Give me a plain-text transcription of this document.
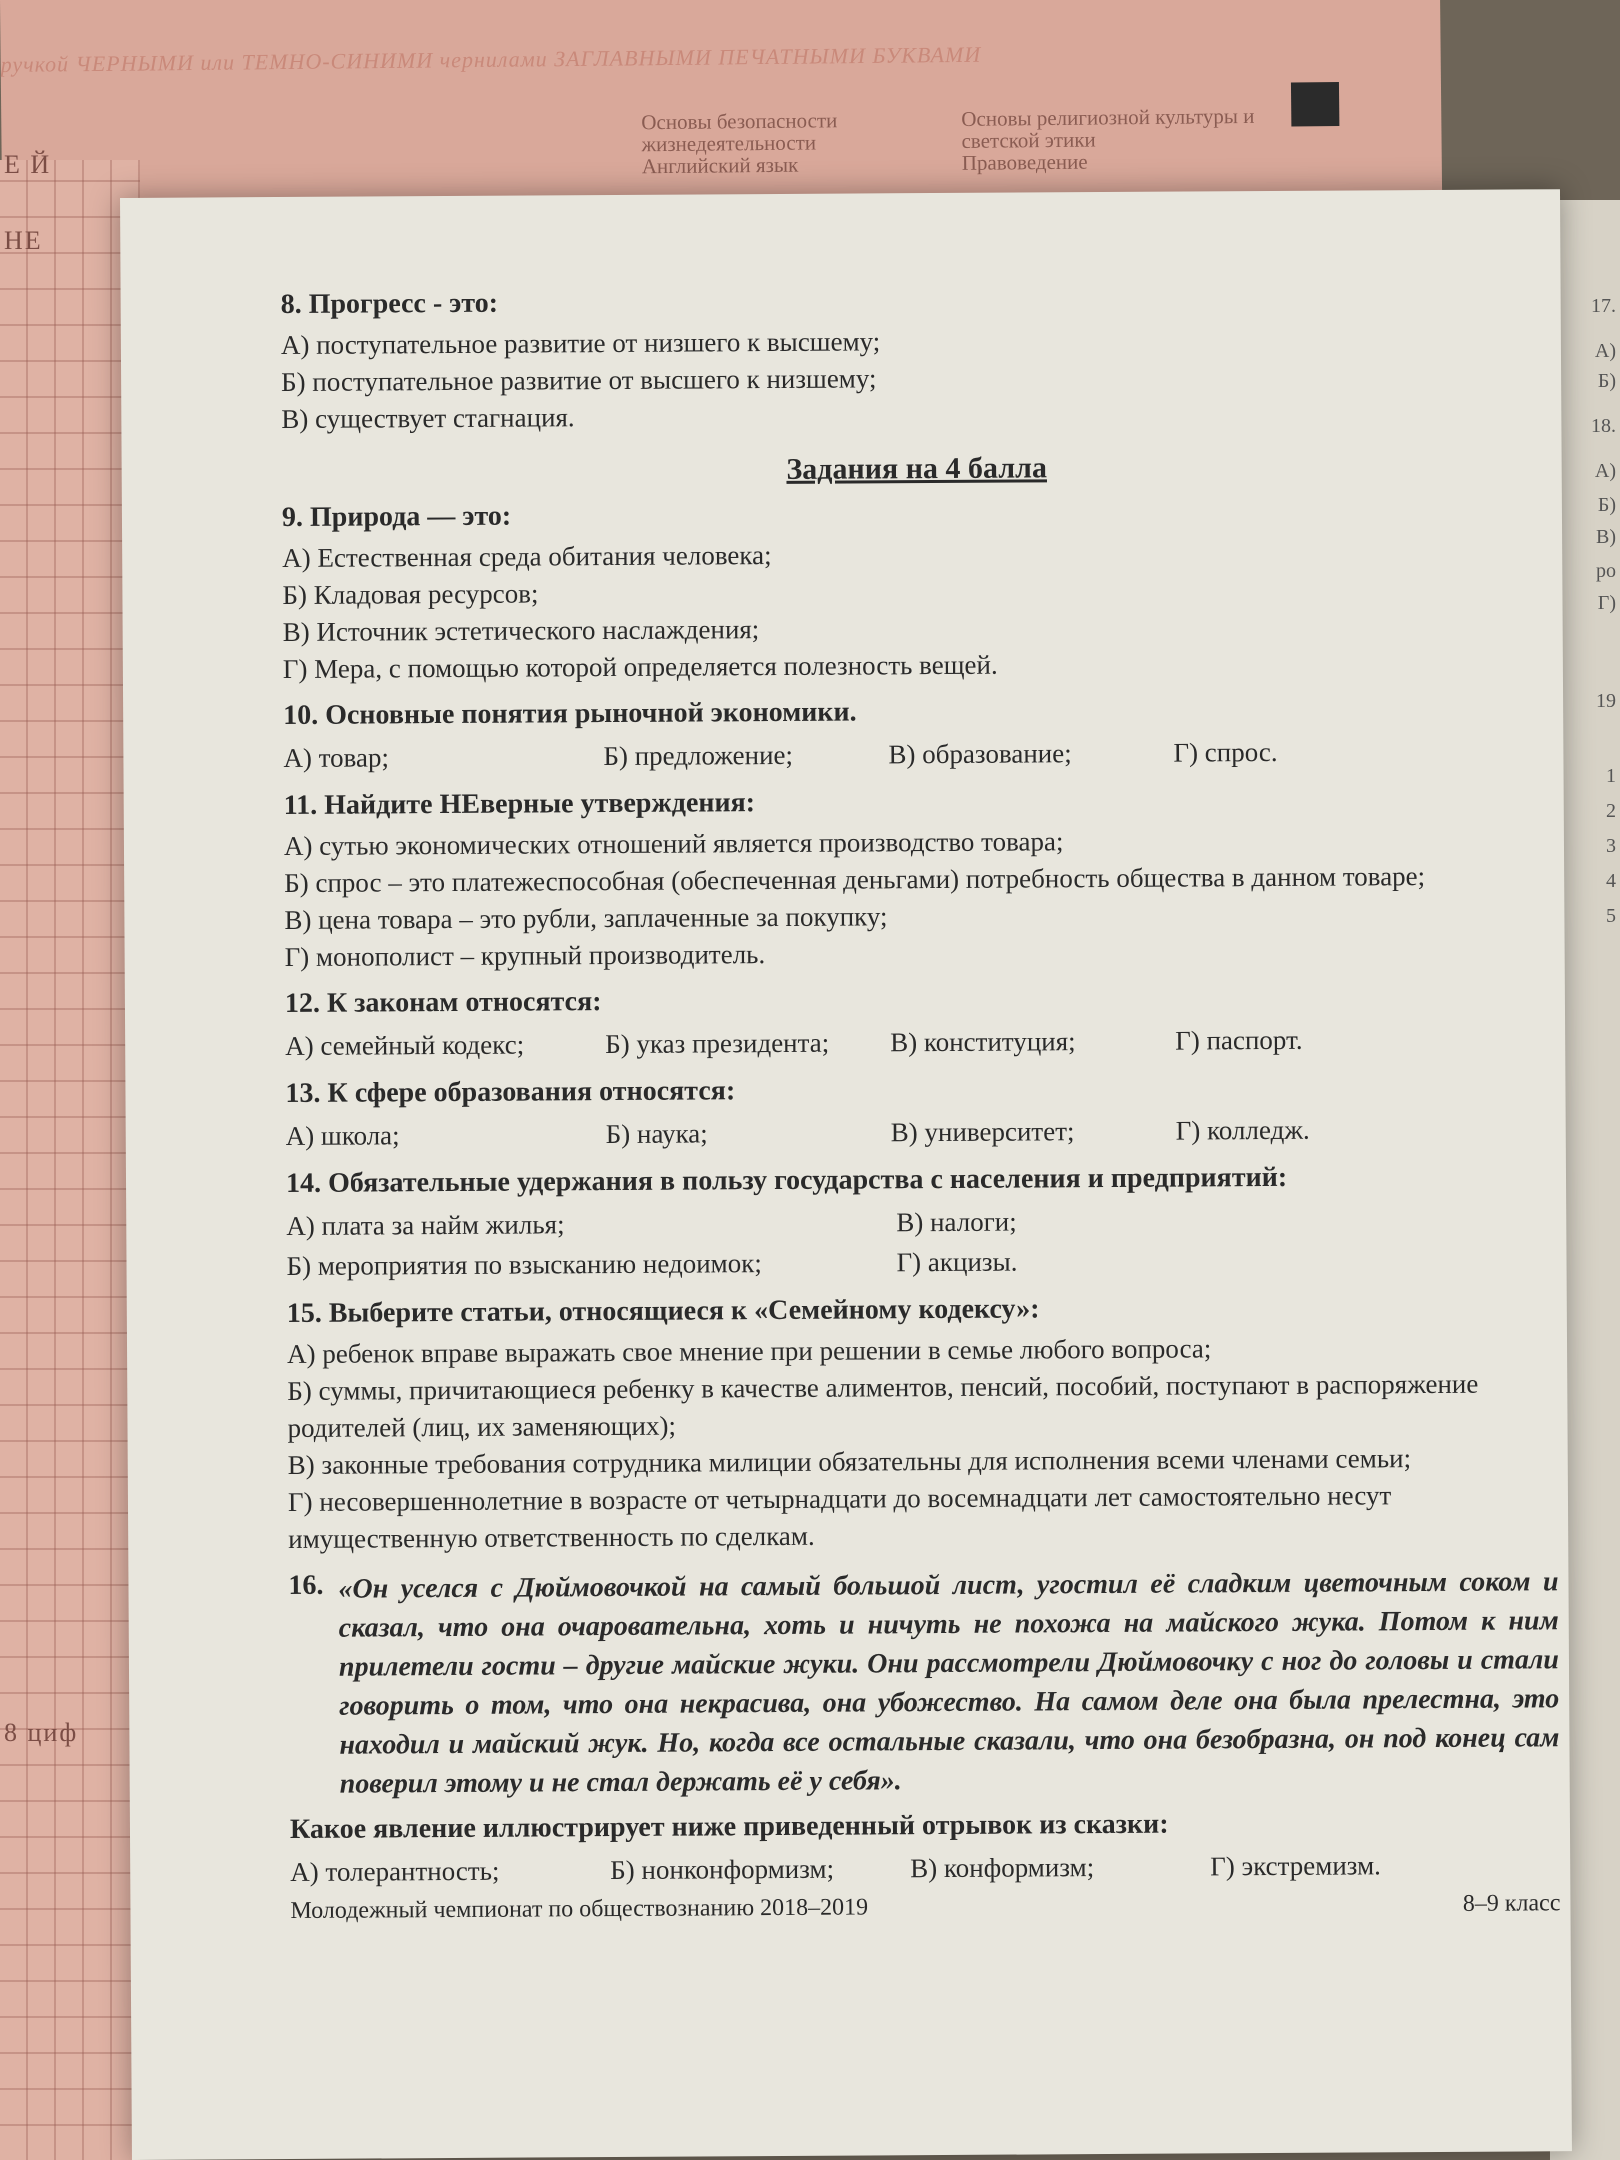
ручкой ЧЕРНЫМИ или ТЕМНО-СИНИМИ чернилами ЗАГЛАВНЫМИ ПЕЧАТНЫМИ БУКВАМИ
Основы безопасности жизнедеятельности
Английский язык
Основы религиозной культуры и светской этики
Правоведение
Е Й
НЕ
8 циф
17.
А)
Б)
18.
А)
Б)
В)
ро
Г)
19
1
2
3
4
5
8. Прогресс - это:
А) поступательное развитие от низшего к высшему;
Б) поступательное развитие от высшего к низшему;
В) существует стагнация.
Задания на 4 балла
9. Природа — это:
А) Естественная среда обитания человека;
Б) Кладовая ресурсов;
В) Источник эстетического наслаждения;
Г) Мера, с помощью которой определяется полезность вещей.
10. Основные понятия рыночной экономики.
А) товар;	Б) предложение;	В) образование;	Г) спрос.
11. Найдите НЕверные утверждения:
А) сутью экономических отношений является производство товара;
Б) спрос – это платежеспособная (обеспеченная деньгами) потребность общества в данном товаре;
В) цена товара – это рубли, заплаченные за покупку;
Г) монополист – крупный производитель.
12. К законам относятся:
А) семейный кодекс;	Б) указ президента;	В) конституция;	Г) паспорт.
13. К сфере образования относятся:
А) школа;	Б) наука;	В) университет;	Г) колледж.
14. Обязательные удержания в пользу государства с населения и предприятий:
А) плата за найм жилья;	В) налоги;
Б) мероприятия по взысканию недоимок;	Г) акцизы.
15. Выберите статьи, относящиеся к «Семейному кодексу»:
А) ребенок вправе выражать свое мнение при решении в семье любого вопроса;
Б) суммы, причитающиеся ребенку в качестве алиментов, пенсий, пособий, поступают в распоряжение родителей (лиц, их заменяющих);
В) законные требования сотрудника милиции обязательны для исполнения всеми членами семьи;
Г) несовершеннолетние в возрасте от четырнадцати до восемнадцати лет самостоятельно несут имущественную ответственность по сделкам.
16. «Он уселся с Дюймовочкой на самый большой лист, угостил её сладким цветочным соком и сказал, что она очаровательна, хоть и ничуть не похожа на майского жука. Потом к ним прилетели гости – другие майские жуки. Они рассмотрели Дюймовочку с ног до головы и стали говорить о том, что она некрасива, она убожество. На самом деле она была прелестна, это находил и майский жук. Но, когда все остальные сказали, что она безобразна, он под конец сам поверил этому и не стал держать её у себя».
Какое явление иллюстрирует ниже приведенный отрывок из сказки:
А) толерантность;	Б) нонконформизм;	В) конформизм;	Г) экстремизм.
Молодежный чемпионат по обществознанию 2018–2019	8–9 класс
